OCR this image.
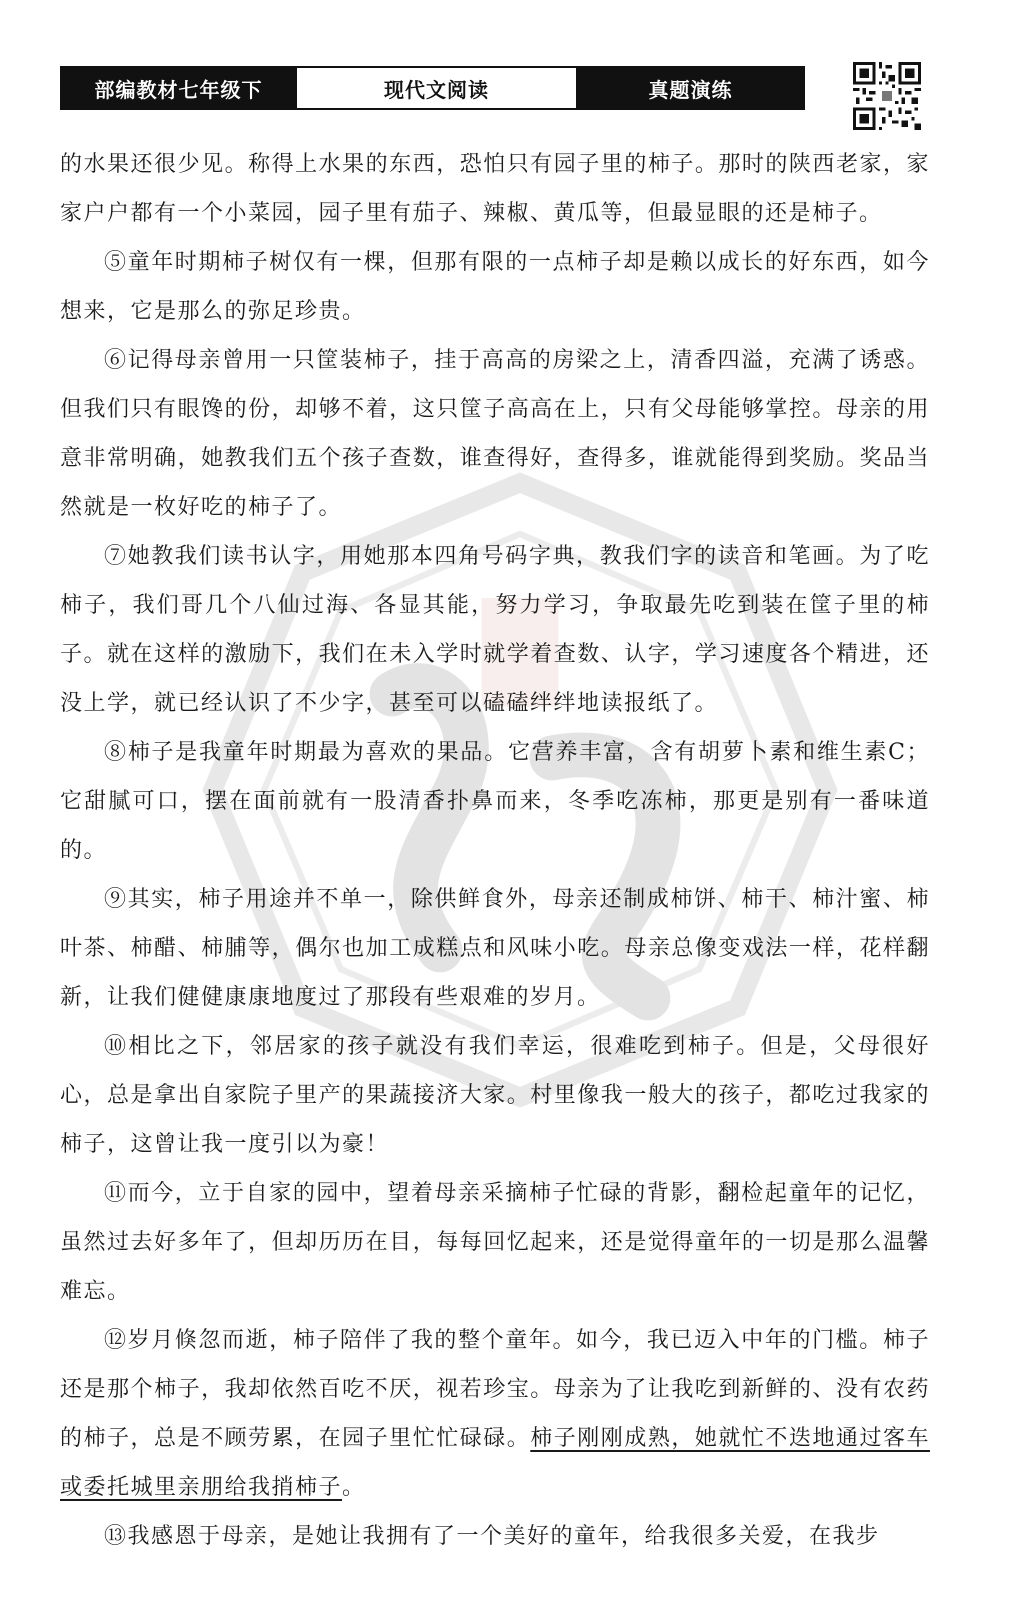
部编教材七年级下	现代文阅读	真题演练

的水果还很少见。称得上水果的东西，恐怕只有园子里的柿子。那时的陕西老家，家家户户都有一个小菜园，园子里有茄子、辣椒、黄瓜等，但最显眼的还是柿子。

⑤童年时期柿子树仅有一棵，但那有限的一点柿子却是赖以成长的好东西，如今想来，它是那么的弥足珍贵。

⑥记得母亲曾用一只筐装柿子，挂于高高的房梁之上，清香四溢，充满了诱惑。但我们只有眼馋的份，却够不着，这只筐子高高在上，只有父母能够掌控。母亲的用意非常明确，她教我们五个孩子查数，谁查得好，查得多，谁就能得到奖励。奖品当然就是一枚好吃的柿子了。

⑦她教我们读书认字，用她那本四角号码字典，教我们字的读音和笔画。为了吃柿子，我们哥几个八仙过海、各显其能，努力学习，争取最先吃到装在筐子里的柿子。就在这样的激励下，我们在未入学时就学着查数、认字，学习速度各个精进，还没上学，就已经认识了不少字，甚至可以磕磕绊绊地读报纸了。

⑧柿子是我童年时期最为喜欢的果品。它营养丰富，含有胡萝卜素和维生素C；它甜腻可口，摆在面前就有一股清香扑鼻而来，冬季吃冻柿，那更是别有一番味道的。

⑨其实，柿子用途并不单一，除供鲜食外，母亲还制成柿饼、柿干、柿汁蜜、柿叶茶、柿醋、柿脯等，偶尔也加工成糕点和风味小吃。母亲总像变戏法一样，花样翻新，让我们健健康康地度过了那段有些艰难的岁月。

⑩相比之下，邻居家的孩子就没有我们幸运，很难吃到柿子。但是，父母很好心，总是拿出自家院子里产的果蔬接济大家。村里像我一般大的孩子，都吃过我家的柿子，这曾让我一度引以为豪！

⑪而今，立于自家的园中，望着母亲采摘柿子忙碌的背影，翻检起童年的记忆，虽然过去好多年了，但却历历在目，每每回忆起来，还是觉得童年的一切是那么温馨难忘。

⑫岁月倏忽而逝，柿子陪伴了我的整个童年。如今，我已迈入中年的门槛。柿子还是那个柿子，我却依然百吃不厌，视若珍宝。母亲为了让我吃到新鲜的、没有农药的柿子，总是不顾劳累，在园子里忙忙碌碌。柿子刚刚成熟，她就忙不迭地通过客车或委托城里亲朋给我捎柿子。

⑬我感恩于母亲，是她让我拥有了一个美好的童年，给我很多关爱，在我步
